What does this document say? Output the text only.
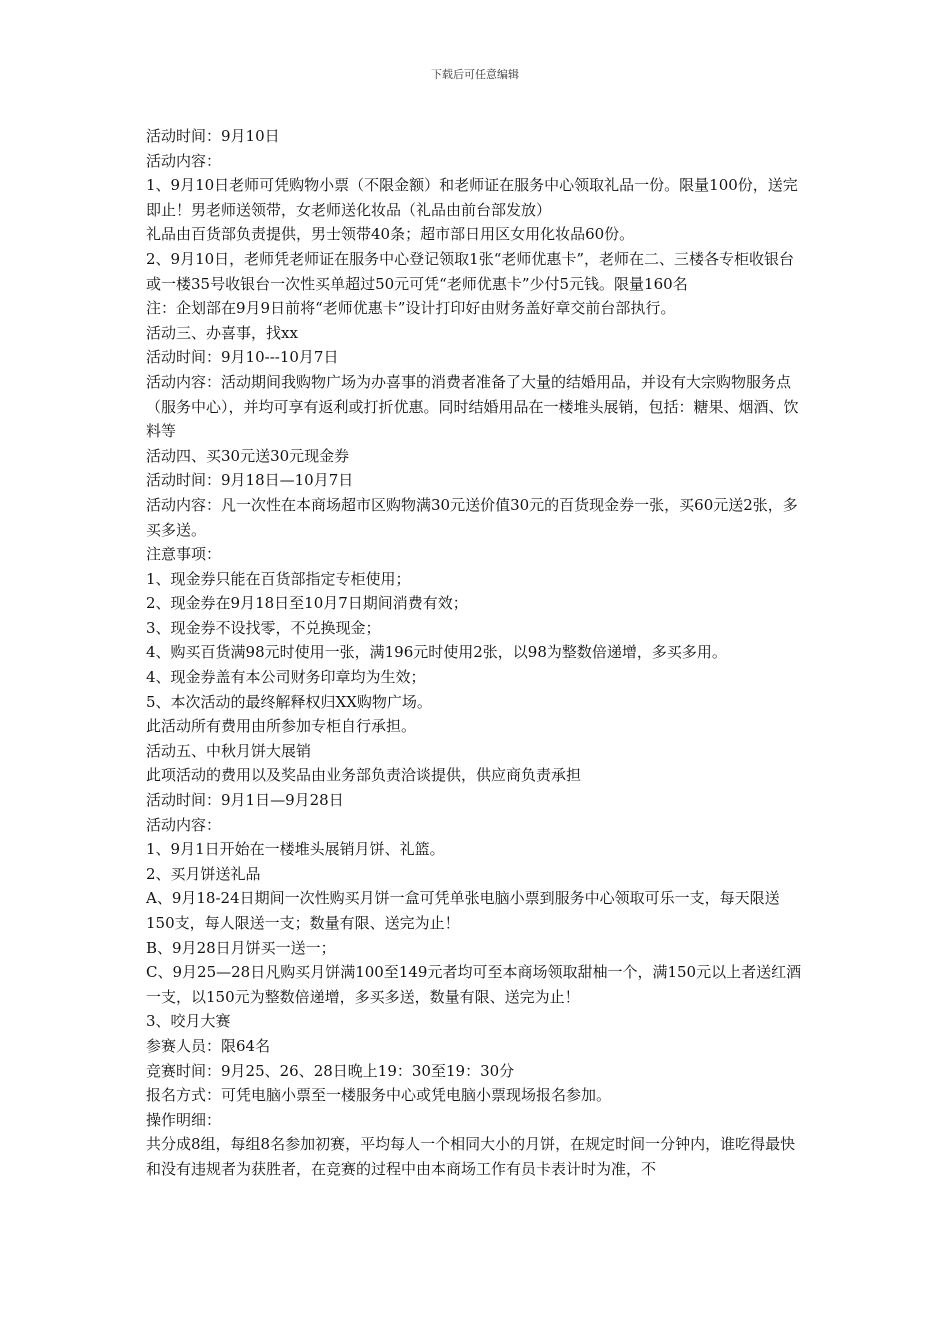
下载后可任意编辑

活动时间：9月10日

活动内容：

1、9月10日老师可凭购物小票（不限金额）和老师证在服务中心领取礼品一份。限量100份，送完即止！男老师送领带，女老师送化妆品（礼品由前台部发放）

礼品由百货部负责提供，男士领带40条；超市部日用区女用化妆品60份。

2、9月10日，老师凭老师证在服务中心登记领取1张“老师优惠卡”，老师在二、三楼各专柜收银台或一楼35号收银台一次性买单超过50元可凭“老师优惠卡”少付5元钱。限量160名

注：企划部在9月9日前将“老师优惠卡”设计打印好由财务盖好章交前台部执行。

活动三、办喜事，找xx

活动时间：9月10---10月7日

活动内容：活动期间我购物广场为办喜事的消费者准备了大量的结婚用品，并设有大宗购物服务点（服务中心），并均可享有返利或打折优惠。同时结婚用品在一楼堆头展销，包括：糖果、烟酒、饮料等

活动四、买30元送30元现金券

活动时间：9月18日—10月7日

活动内容：凡一次性在本商场超市区购物满30元送价值30元的百货现金券一张，买60元送2张，多买多送。

注意事项：

1、现金券只能在百货部指定专柜使用；

2、现金券在9月18日至10月7日期间消费有效；

3、现金券不设找零，不兑换现金；

4、购买百货满98元时使用一张，满196元时使用2张，以98为整数倍递增，多买多用。

4、现金券盖有本公司财务印章均为生效；

5、本次活动的最终解释权归XX购物广场。

此活动所有费用由所参加专柜自行承担。

活动五、中秋月饼大展销

此项活动的费用以及奖品由业务部负责洽谈提供，供应商负责承担

活动时间：9月1日—9月28日

活动内容：

1、9月1日开始在一楼堆头展销月饼、礼篮。

2、买月饼送礼品

A、9月18-24日期间一次性购买月饼一盒可凭单张电脑小票到服务中心领取可乐一支，每天限送150支，每人限送一支；数量有限、送完为止！

B、9月28日月饼买一送一；

C、9月25—28日凡购买月饼满100至149元者均可至本商场领取甜柚一个，满150元以上者送红酒一支，以150元为整数倍递增，多买多送，数量有限、送完为止！

3、咬月大赛

参赛人员：限64名

竞赛时间：9月25、26、28日晚上19：30至19：30分

报名方式：可凭电脑小票至一楼服务中心或凭电脑小票现场报名参加。

操作明细：

共分成8组，每组8名参加初赛，平均每人一个相同大小的月饼，在规定时间一分钟内，谁吃得最快和没有违规者为获胜者，在竞赛的过程中由本商场工作有员卡表计时为准，不
